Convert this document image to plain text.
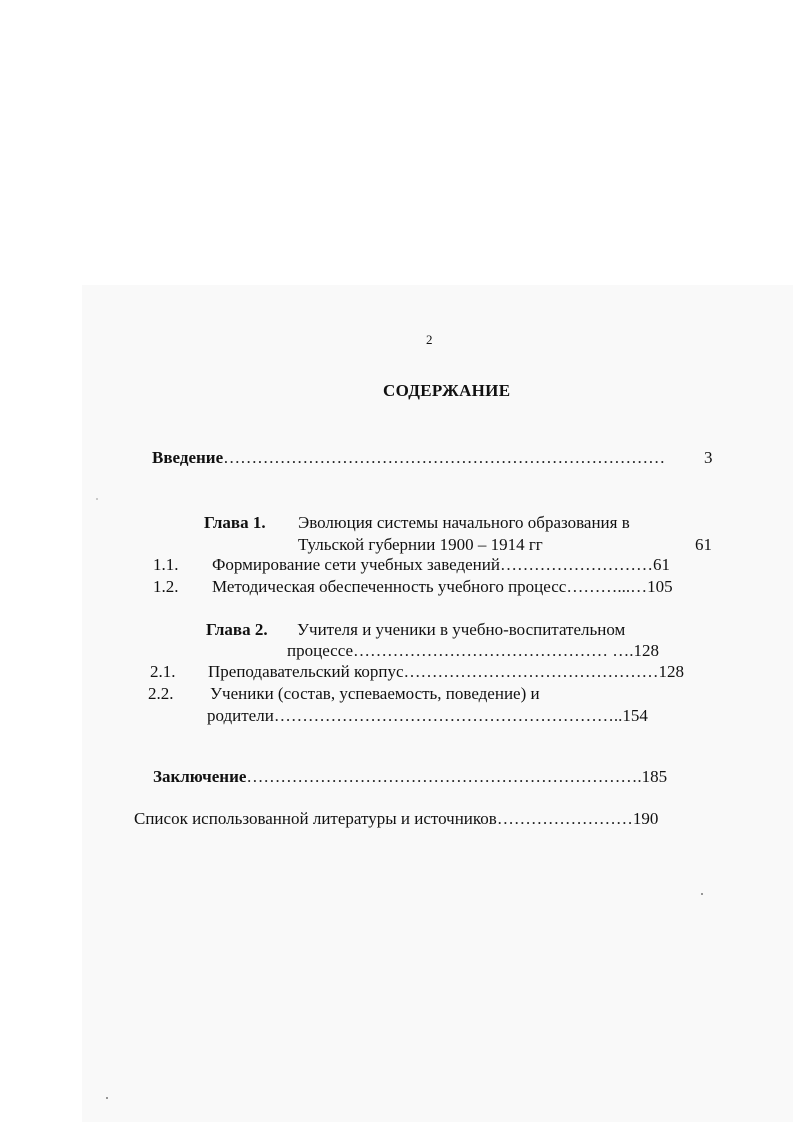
2
СОДЕРЖАНИЕ
Введение…………………………………………………………………… 3
Глава 1. Эволюция системы начального образования в
Тульской губернии 1900 – 1914 гг	61
1.1. Формирование сети учебных заведений………………………61
1.2. Методическая обеспеченность учебного процесс………...…105
Глава 2. Учителя и ученики в учебно-воспитательном
процессе……………………………………… ….128
2.1. Преподавательский корпус………………………………………128
2.2. Ученики (состав, успеваемость, поведение) и
родители……………………………………………………..154
Заключение…………………………………………………………….185
Список использованной литературы и источников……………………190
